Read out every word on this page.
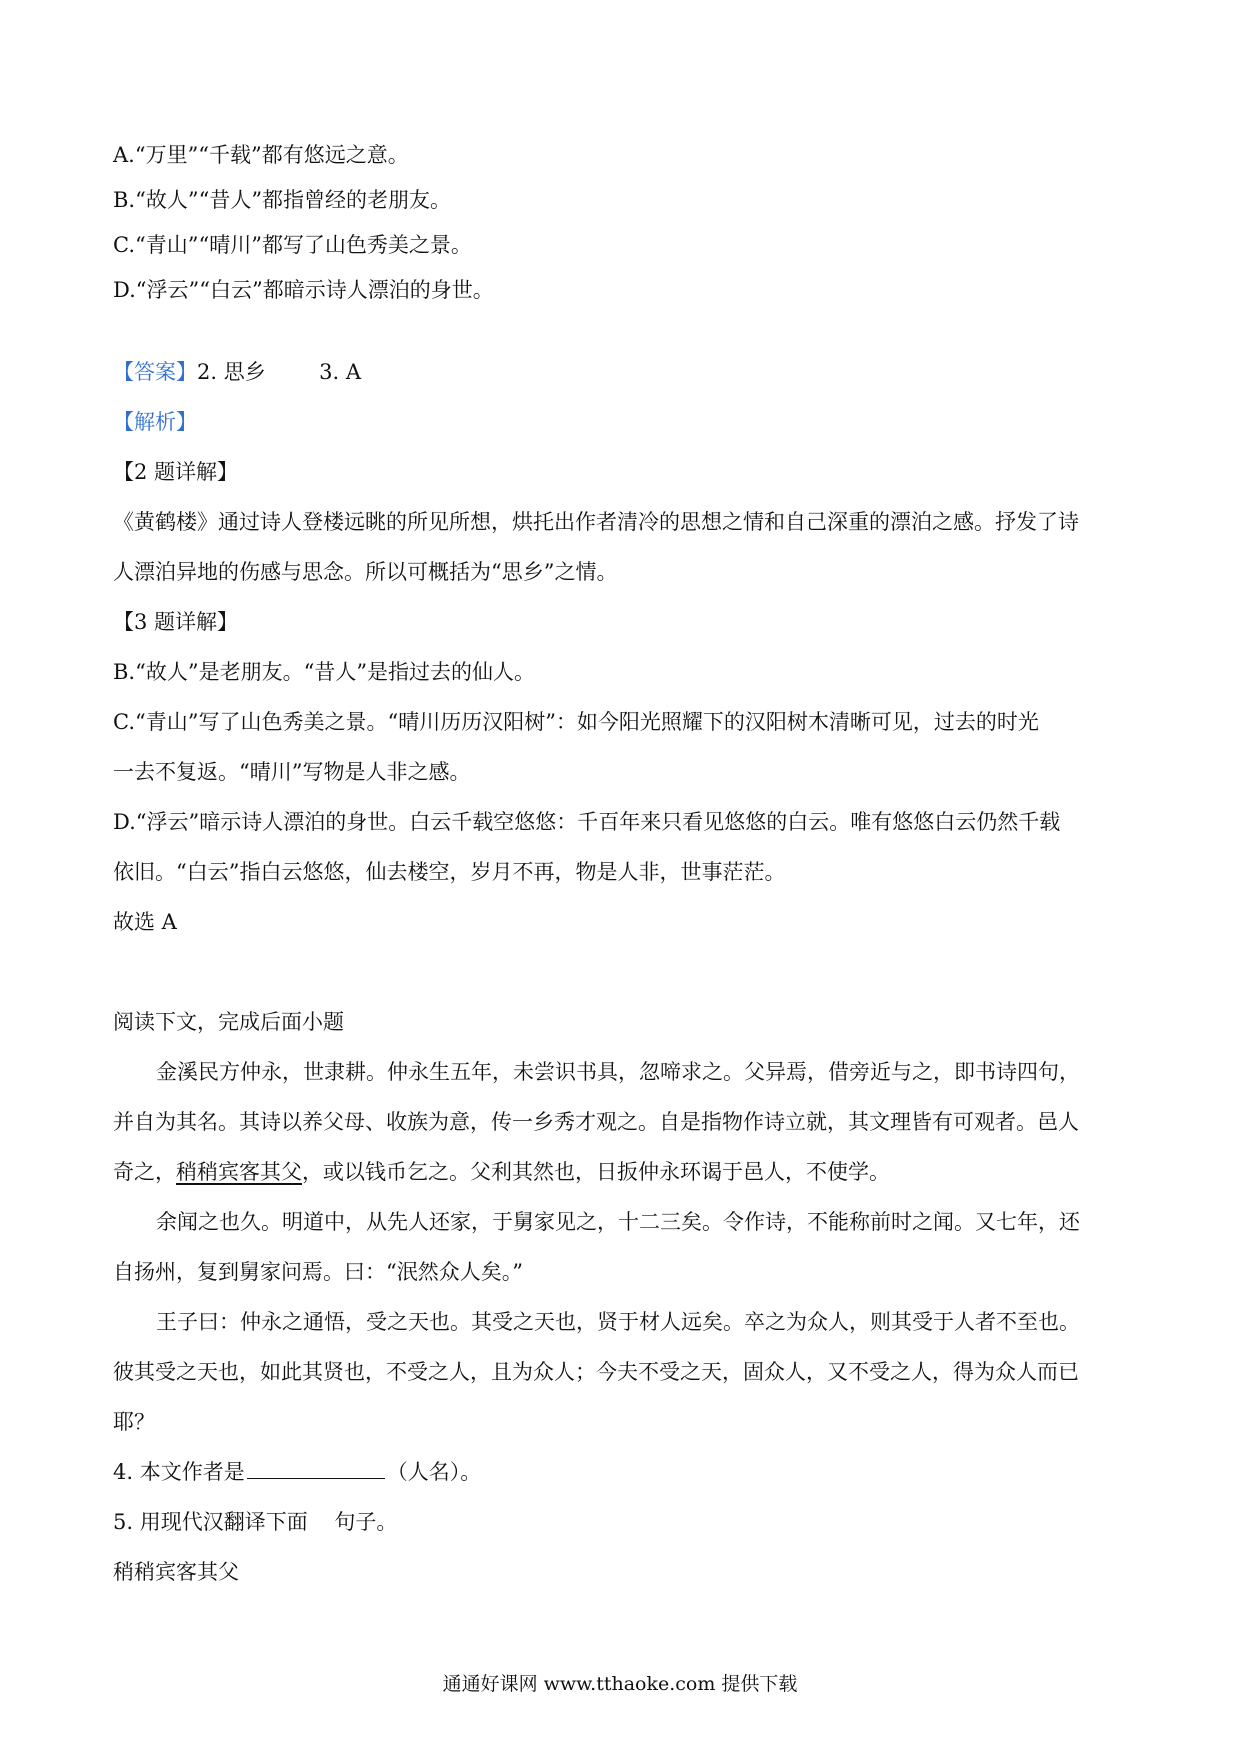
A.“万里”“千载”都有悠远之意。
B.“故人”“昔人”都指曾经的老朋友。
C.“青山”“晴川”都写了山色秀美之景。
D.“浮云”“白云”都暗示诗人漂泊的身世。
【答案】2. 思乡        3. A
【解析】
【2 题详解】
《黄鹤楼》通过诗人登楼远眺的所见所想，烘托出作者清冷的思想之情和自己深重的漂泊之感。抒发了诗
人漂泊异地的伤感与思念。所以可概括为“思乡”之情。
【3 题详解】
B.“故人”是老朋友。“昔人”是指过去的仙人。
C.“青山”写了山色秀美之景。“晴川历历汉阳树”：如今阳光照耀下的汉阳树木清晰可见，过去的时光
一去不复返。“晴川”写物是人非之感。
D.“浮云”暗示诗人漂泊的身世。白云千载空悠悠：千百年来只看见悠悠的白云。唯有悠悠白云仍然千载
依旧。“白云”指白云悠悠，仙去楼空，岁月不再，物是人非，世事茫茫。
故选 A
阅读下文，完成后面小题
金溪民方仲永，世隶耕。仲永生五年，未尝识书具，忽啼求之。父异焉，借旁近与之，即书诗四句，
并自为其名。其诗以养父母、收族为意，传一乡秀才观之。自是指物作诗立就，其文理皆有可观者。邑人
奇之，稍稍宾客其父，或以钱币乞之。父利其然也，日扳仲永环谒于邑人，不使学。
余闻之也久。明道中，从先人还家，于舅家见之，十二三矣。令作诗，不能称前时之闻。又七年，还
自扬州，复到舅家问焉。曰：“泯然众人矣。”
王子曰：仲永之通悟，受之天也。其受之天也，贤于材人远矣。卒之为众人，则其受于人者不至也。
彼其受之天也，如此其贤也，不受之人，且为众人；今夫不受之天，固众人，又不受之人，得为众人而已
耶？
4. 本文作者是	（人名）。
5. 用现代汉翻译下面    句子。
稍稍宾客其父
通通好课网 www.tthaoke.com 提供下载
